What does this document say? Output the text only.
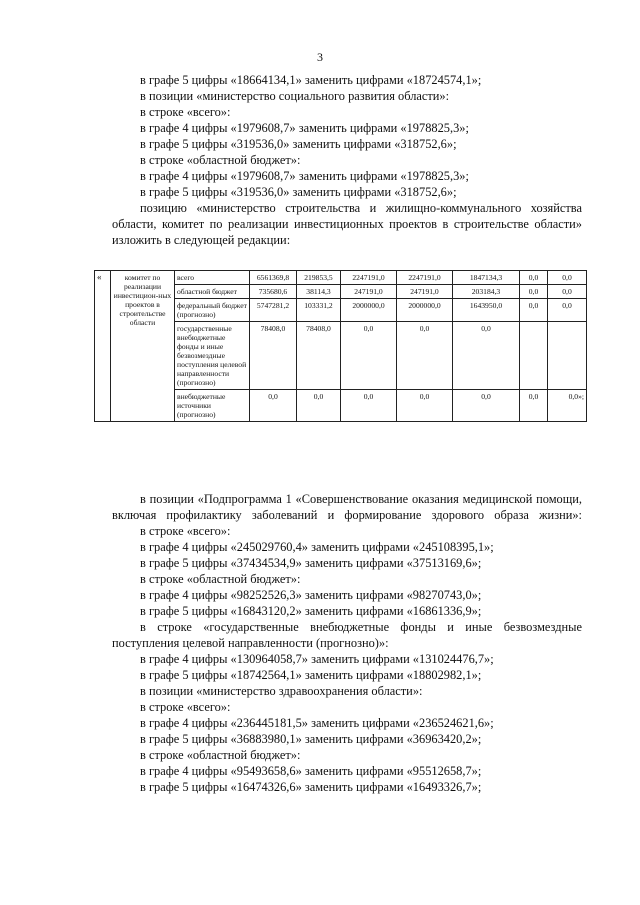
3
в графе 5 цифры «18664134,1» заменить цифрами «18724574,1»;
в позиции «министерство социального развития области»:
в строке «всего»:
в графе 4 цифры «1979608,7» заменить цифрами «1978825,3»;
в графе 5 цифры «319536,0» заменить цифрами «318752,6»;
в строке «областной бюджет»:
в графе 4 цифры «1979608,7» заменить цифрами «1978825,3»;
в графе 5 цифры «319536,0» заменить цифрами «318752,6»;
позицию «министерство строительства и жилищно-коммунального хозяйства области, комитет по реализации инвестиционных проектов в строительстве области» изложить в следующей редакции:
«	комитет по реализации инвестицион-ных проектов в строительстве области	всего	6561369,8	219853,5	2247191,0	2247191,0	1847134,3	0,0	0,0
		областной бюджет	735680,6	38114,3	247191,0	247191,0	203184,3	0,0	0,0
		федеральный бюджет (прогнозно)	5747281,2	103331,2	2000000,0	2000000,0	1643950,0	0,0	0,0
		государственные внебюджетные фонды и иные безвозмездные поступления целевой направленности (прогнозно)	78408,0	78408,0	0,0	0,0	0,0		
		внебюджетные источники (прогнозно)	0,0	0,0	0,0	0,0	0,0	0,0	0,0»;
в позиции «Подпрограмма 1 «Совершенствование оказания медицинской помощи, включая профилактику заболеваний и формирование здорового образа жизни»:
в строке «всего»:
в графе 4 цифры «245029760,4» заменить цифрами «245108395,1»;
в графе 5 цифры «37434534,9» заменить цифрами «37513169,6»;
в строке «областной бюджет»:
в графе 4 цифры «98252526,3» заменить цифрами «98270743,0»;
в графе 5 цифры «16843120,2» заменить цифрами «16861336,9»;
в строке «государственные внебюджетные фонды и иные безвозмездные поступления целевой направленности (прогнозно)»:
в графе 4 цифры «130964058,7» заменить цифрами «131024476,7»;
в графе 5 цифры «18742564,1» заменить цифрами «18802982,1»;
в позиции «министерство здравоохранения области»:
в строке «всего»:
в графе 4 цифры «236445181,5» заменить цифрами «236524621,6»;
в графе 5 цифры «36883980,1» заменить цифрами «36963420,2»;
в строке «областной бюджет»:
в графе 4 цифры «95493658,6» заменить цифрами «95512658,7»;
в графе 5 цифры «16474326,6» заменить цифрами «16493326,7»;
